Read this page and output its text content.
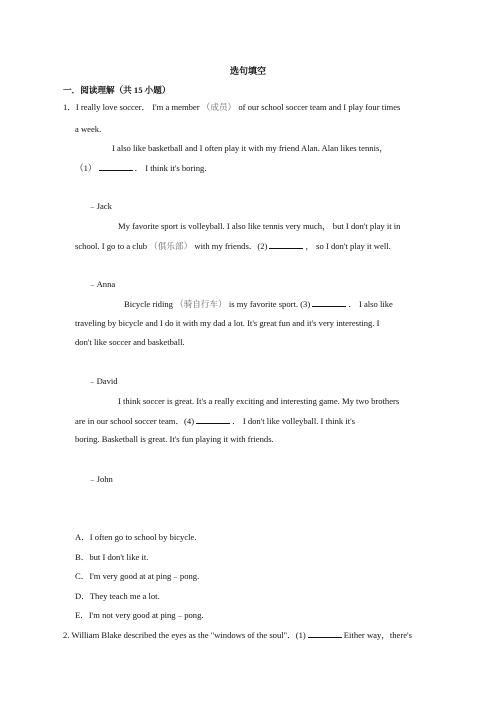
选句填空
一．阅读理解（共 15 小题）
1．I really love soccer． I'm a member （成员） of our school soccer team and I play four times
a week.
I also like basketball and I often play it with my friend Alan. Alan likes tennis，
（1）	． I think it's boring.
﹣Jack
My favorite sport is volleyball. I also like tennis very much， but I don't play it in
school. I go to a club （俱乐部） with my friends．(2)	， so I don't play it well.
﹣Anna
Bicycle riding （骑自行车） is my favorite sport. (3)	． I also like
traveling by bicycle and I do it with my dad a lot. It's great fun and it's very interesting. I
don't like soccer and basketball.
﹣David
I think soccer is great. It's a really exciting and interesting game. My two brothers
are in our school soccer team．(4)	． I don't like volleyball. I think it's
boring. Basketball is great. It's fun playing it with friends.
﹣John
A．I often go to school by bicycle.
B．but I don't like it.
C．I'm very good at at ping﹣pong.
D．They teach me a lot.
E．I'm not very good at ping﹣pong.
2. William Blake described the eyes as the "windows of the soul"．(1)	Either way，there's
